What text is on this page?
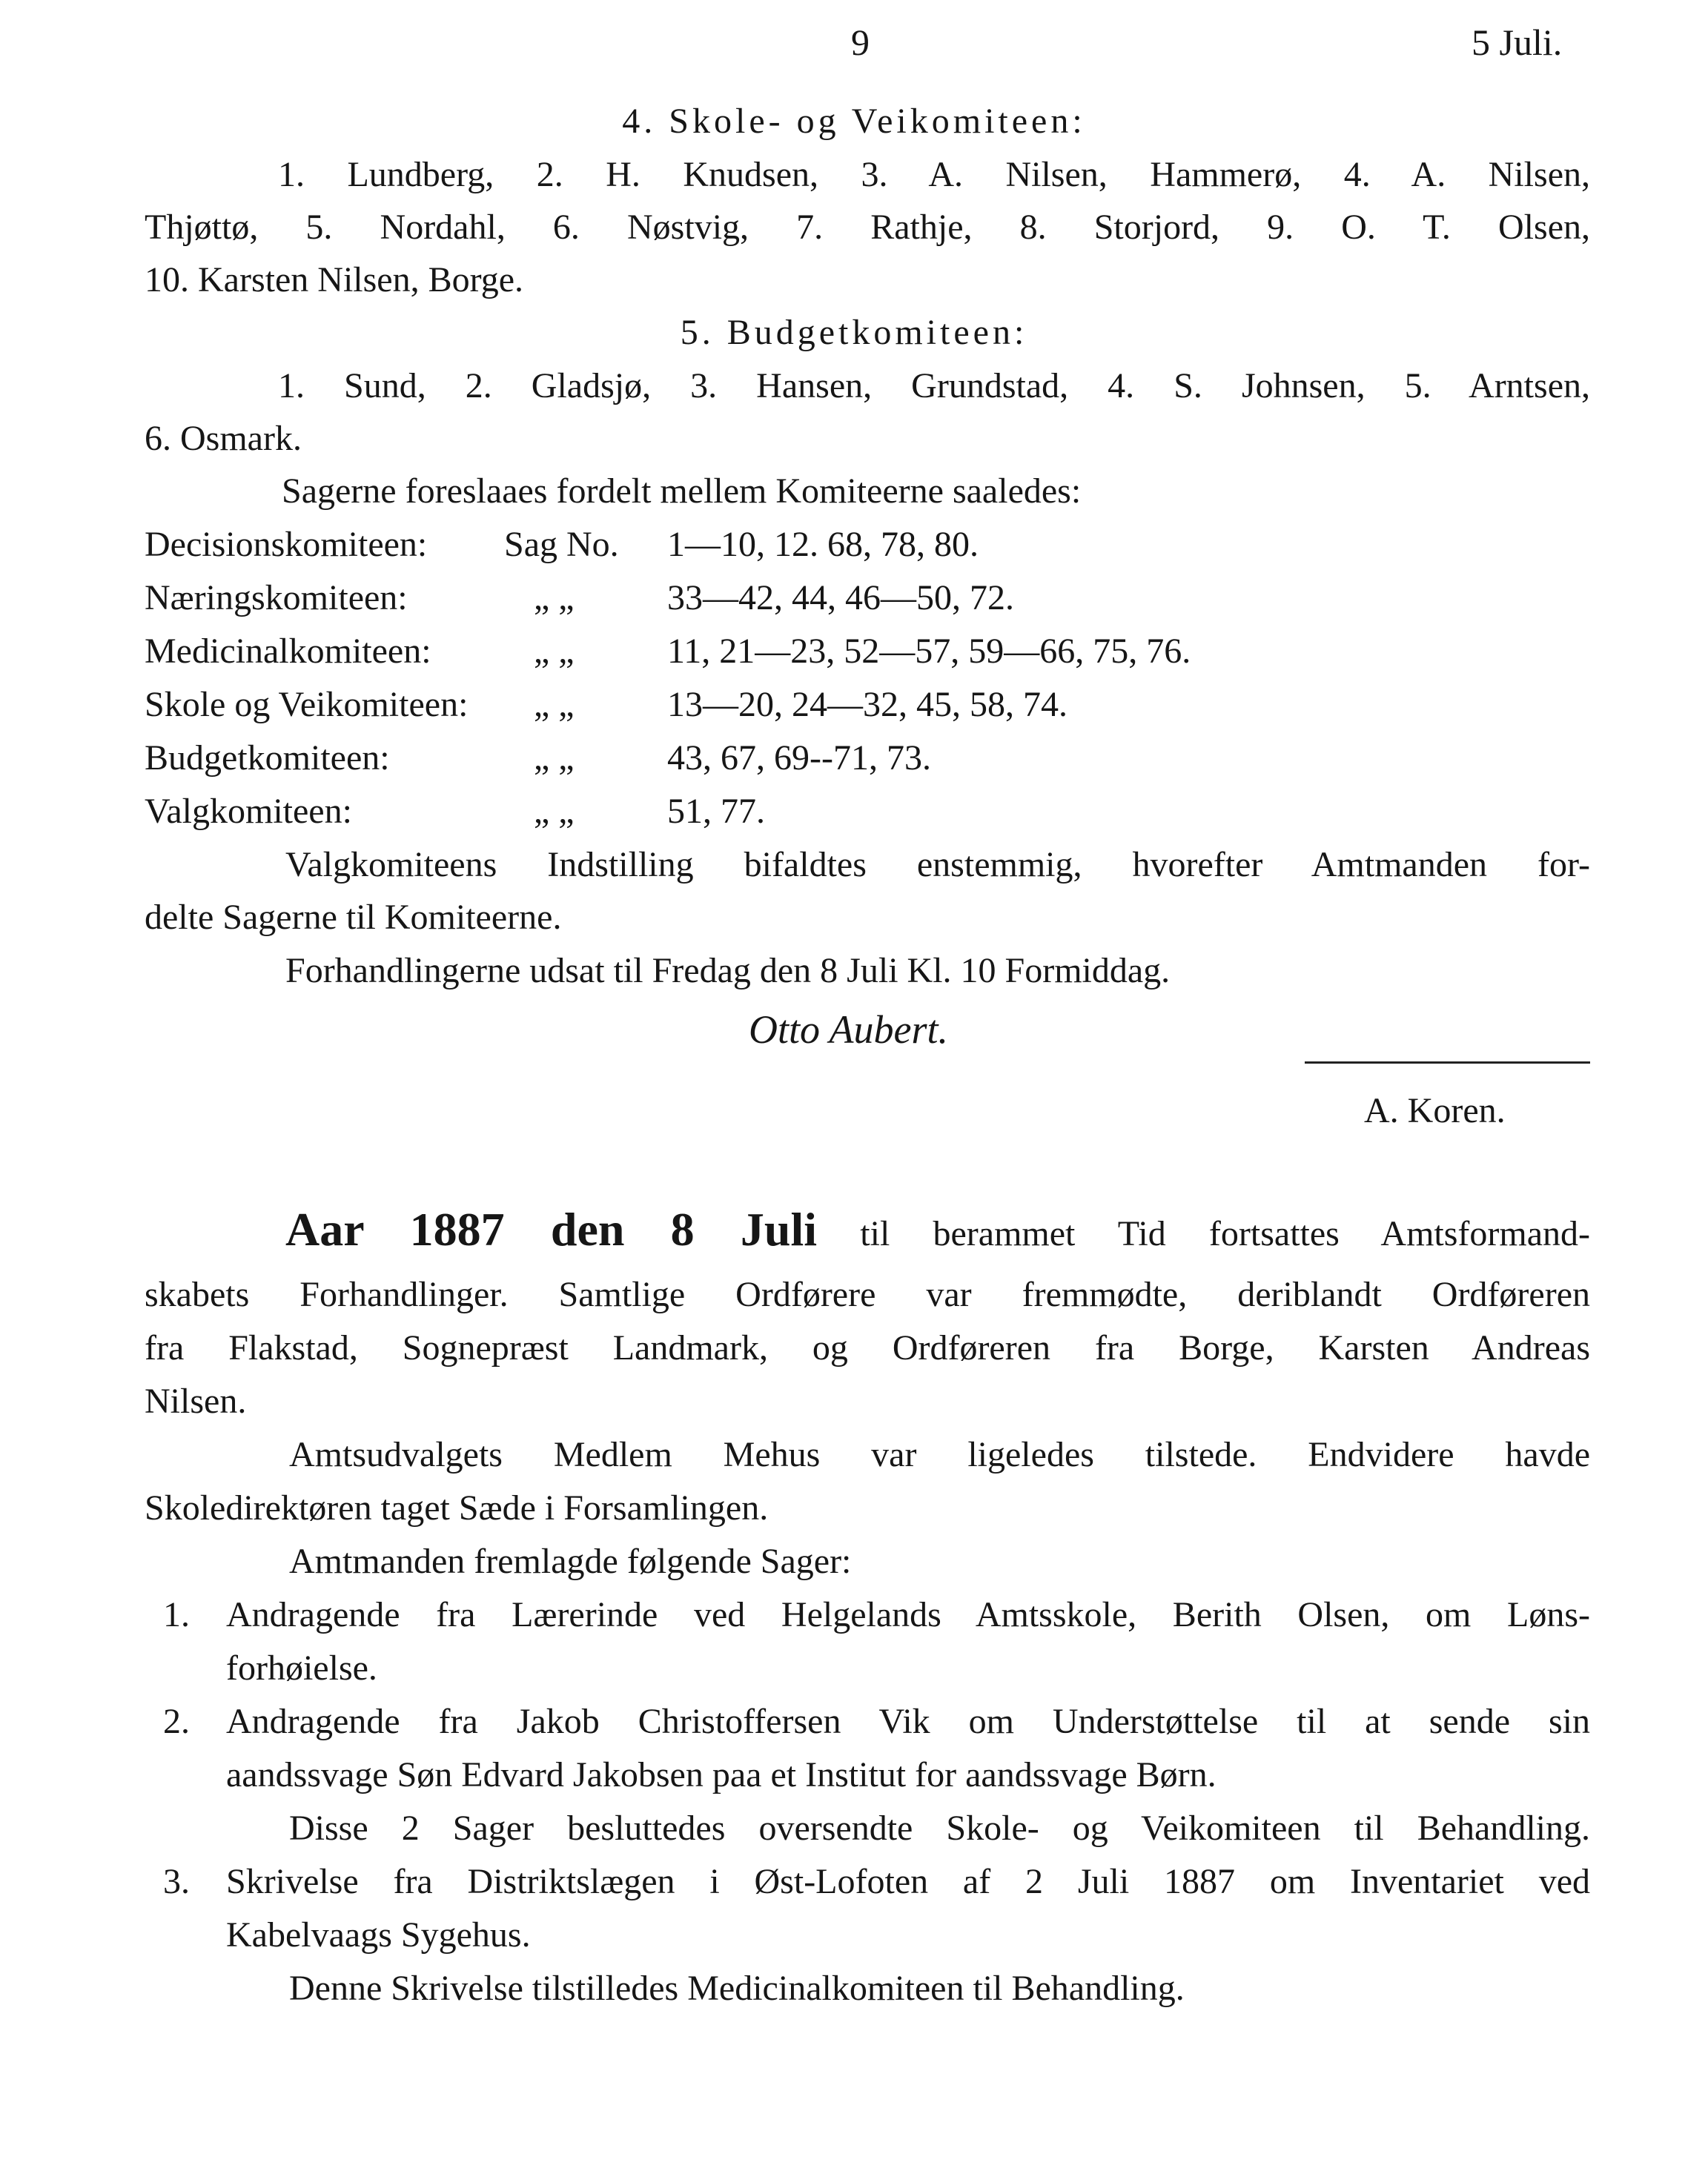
9	5 Juli.
4. Skole- og Veikomiteen:
1. Lundberg, 2. H. Knudsen, 3. A. Nilsen, Hammerø, 4. A. Nilsen,
Thjøttø, 5. Nordahl, 6. Nøstvig, 7. Rathje, 8. Storjord, 9. O. T. Olsen,
10. Karsten Nilsen, Borge.
5. Budgetkomiteen:
1. Sund, 2. Gladsjø, 3. Hansen, Grundstad, 4. S. Johnsen, 5. Arntsen,
6. Osmark.
Sagerne foreslaaes fordelt mellem Komiteerne saaledes:
Decisionskomiteen: Sag No. 1—10, 12. 68, 78, 80.
Næringskomiteen:	„ „	33—42, 44, 46—50, 72.
Medicinalkomiteen:	„ „	11, 21—23, 52—57, 59—66, 75, 76.
Skole og Veikomiteen: „ „	13—20, 24—32, 45, 58, 74.
Budgetkomiteen:	„ „	43, 67, 69--71, 73.
Valgkomiteen:	„ „	51, 77.
Valgkomiteens Indstilling bifaldtes enstemmig, hvorefter Amtmanden for-
delte Sagerne til Komiteerne.
Forhandlingerne udsat til Fredag den 8 Juli Kl. 10 Formiddag.
Otto Aubert.
A. Koren.
Aar 1887 den 8 Juli til berammet Tid fortsattes Amtsformand-
skabets Forhandlinger. Samtlige Ordførere var fremmødte, deriblandt Ordføreren
fra Flakstad, Sognepræst Landmark, og Ordføreren fra Borge, Karsten Andreas
Nilsen.
Amtsudvalgets Medlem Mehus var ligeledes tilstede. Endvidere havde
Skoledirektøren taget Sæde i Forsamlingen.
Amtmanden fremlagde følgende Sager:
1. Andragende fra Lærerinde ved Helgelands Amtsskole, Berith Olsen, om Løns-
forhøielse.
2. Andragende fra Jakob Christoffersen Vik om Understøttelse til at sende sin
aandssvage Søn Edvard Jakobsen paa et Institut for aandssvage Børn.
Disse 2 Sager besluttedes oversendte Skole- og Veikomiteen til Behandling.
3. Skrivelse fra Distriktslægen i Øst-Lofoten af 2 Juli 1887 om Inventariet ved
Kabelvaags Sygehus.
Denne Skrivelse tilstilledes Medicinalkomiteen til Behandling.
